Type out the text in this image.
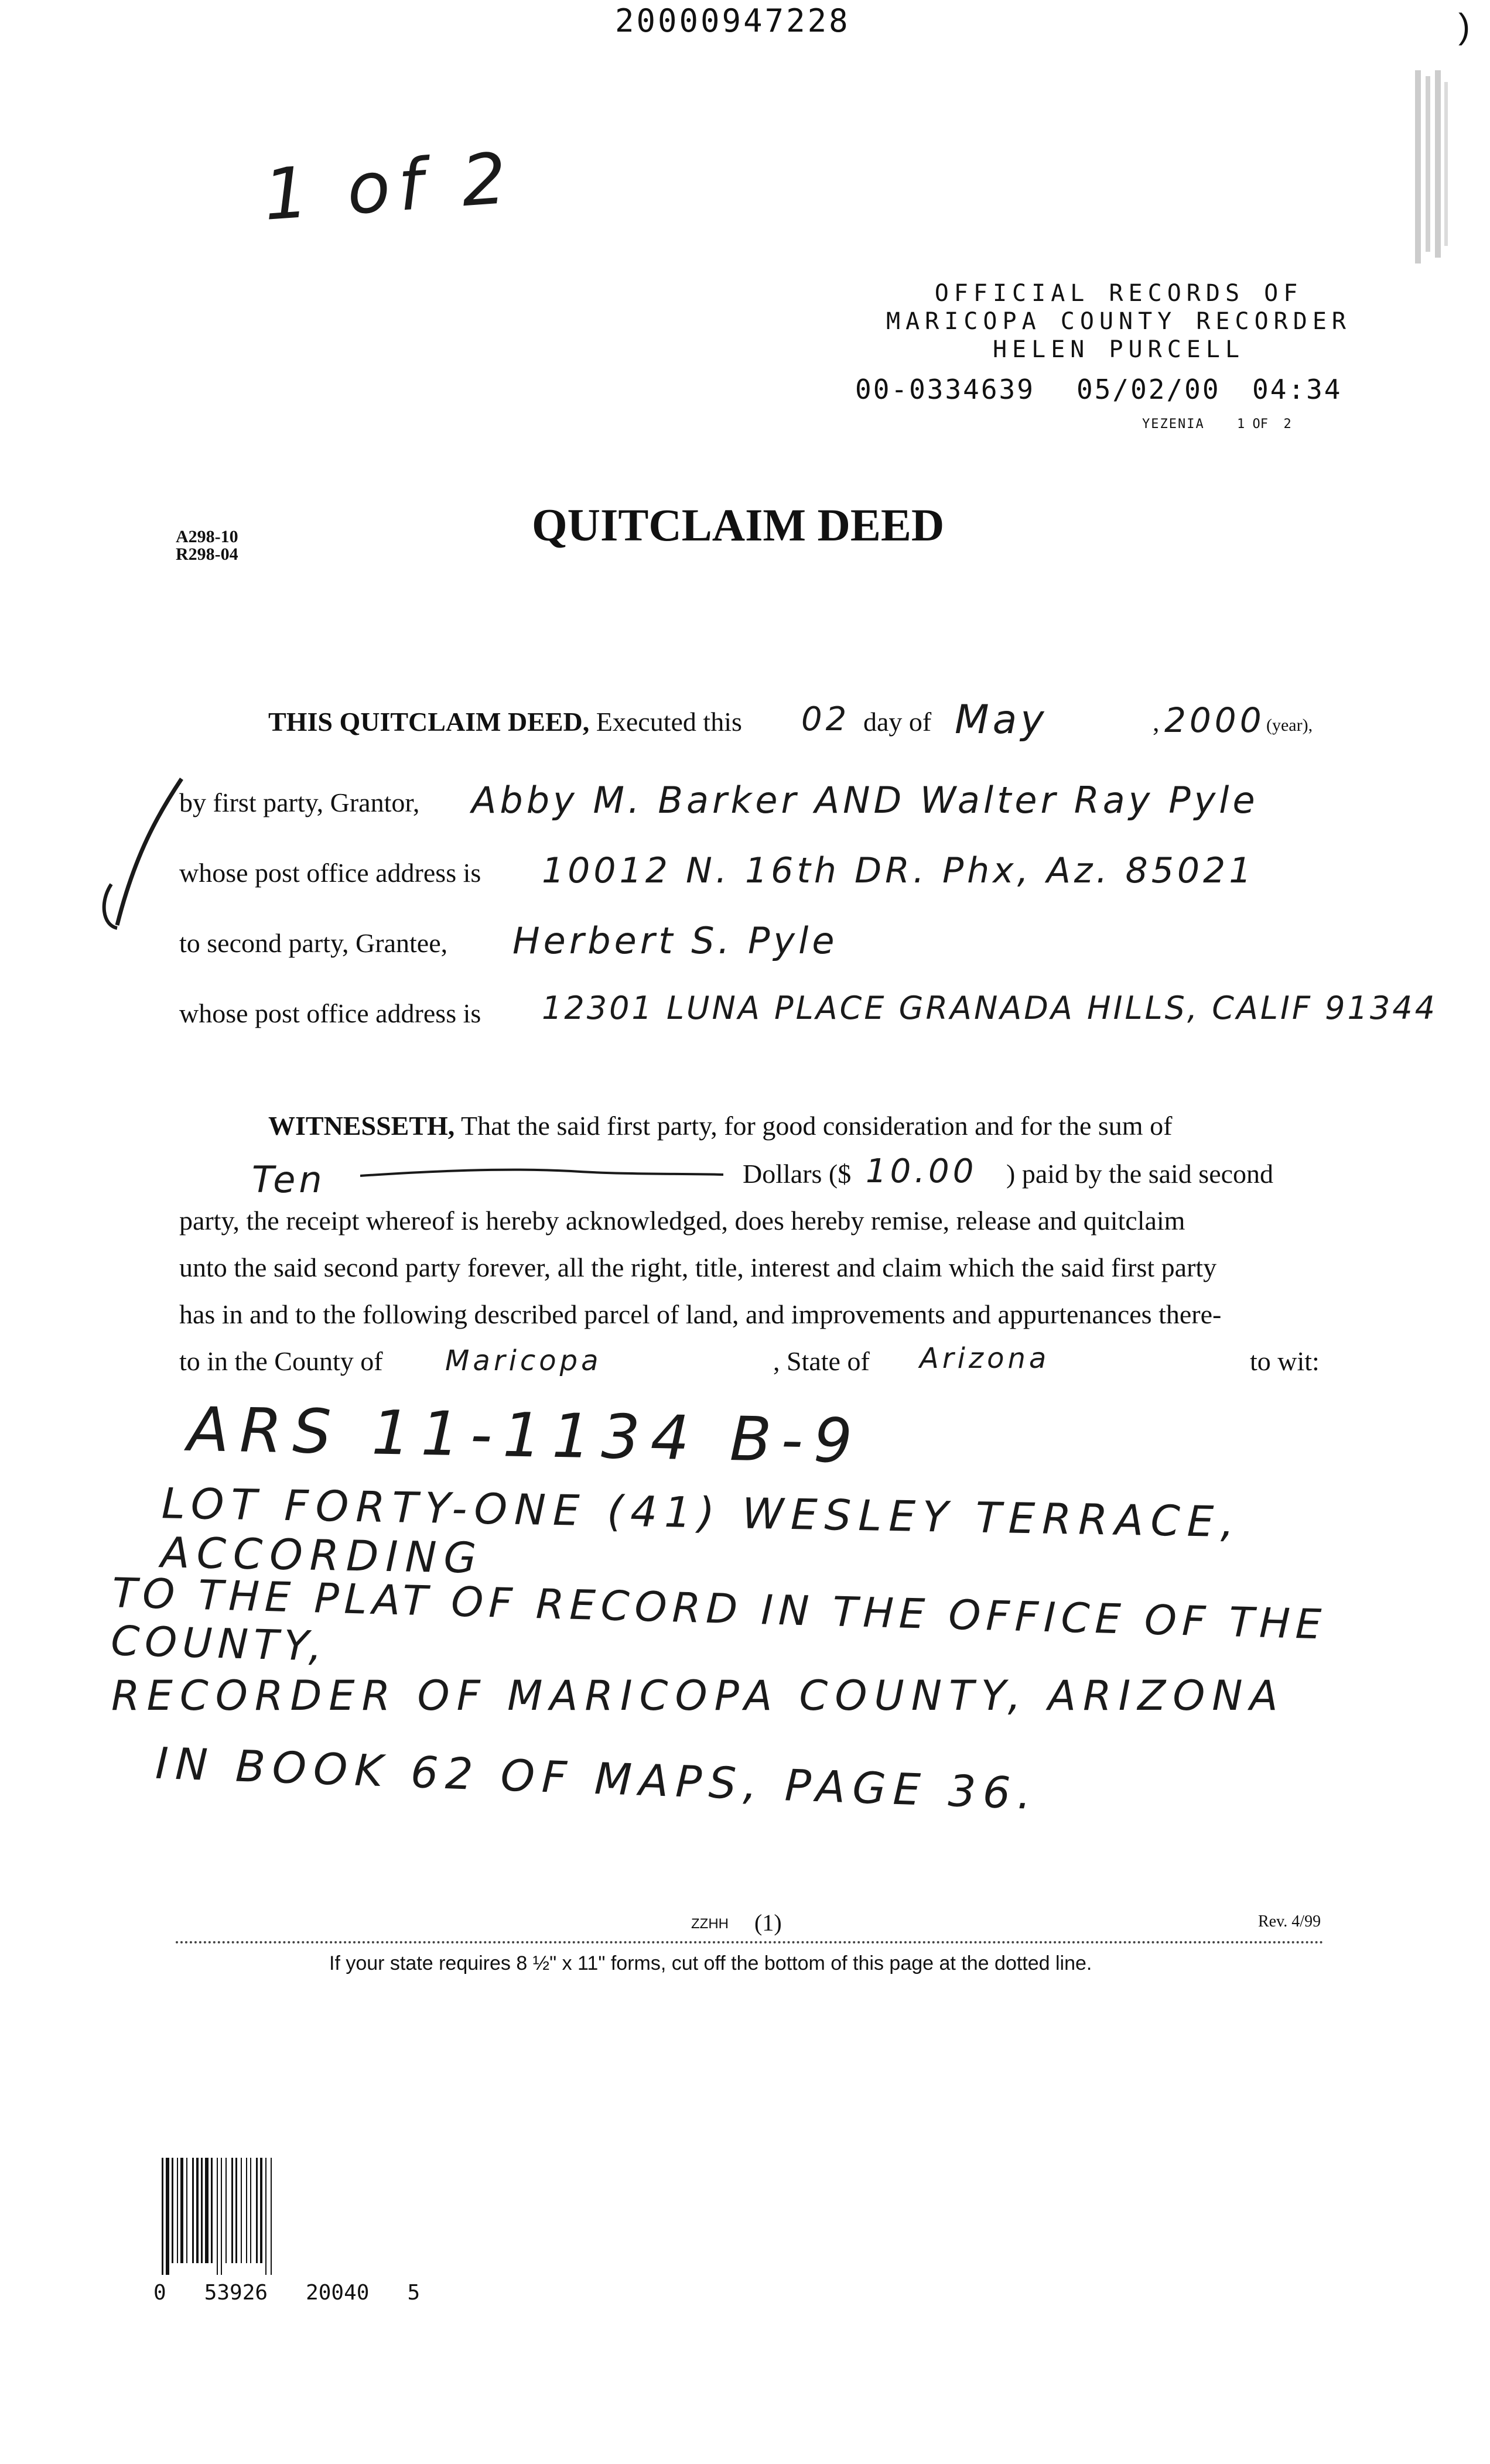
20000947228	)
1 of 2
OFFICIAL RECORDS OF
MARICOPA COUNTY RECORDER
HELEN PURCELL
00-0334639 05/02/00 04:34
YEZENIA	1 OF  2
A298-10
R298-04
QUITCLAIM DEED
THIS QUITCLAIM DEED, Executed this 02 day of May	, 2000 (year),
by first party, Grantor, Abby M. Barker AND Walter Ray Pyle
whose post office address is 10012 N. 16th DR. Phx, Az. 85021
to second party, Grantee, Herbert S. Pyle
whose post office address is 12301 LUNA PLACE GRANADA HILLS, CALIF 91344
WITNESSETH, That the said first party, for good consideration and for the sum of
Ten	Dollars ($ 10.00 ) paid by the said second
party, the receipt whereof is hereby acknowledged, does hereby remise, release and quitclaim
unto the said second party forever, all the right, title, interest and claim which the said first party
has in and to the following described parcel of land, and improvements and appurtenances there-
to in the County of Maricopa	, State of Arizona	to wit:
ARS 11-1134 B-9
LOT FORTY-ONE (41) WESLEY TERRACE, ACCORDING
TO THE PLAT OF RECORD IN THE OFFICE OF THE COUNTY,
RECORDER OF MARICOPA COUNTY, ARIZONA
IN BOOK 62 OF MAPS, PAGE 36.
ZZHH (1)	Rev. 4/99
If your state requires 8 ½" x 11" forms, cut off the bottom of this page at the dotted line.
0   53926   20040   5
